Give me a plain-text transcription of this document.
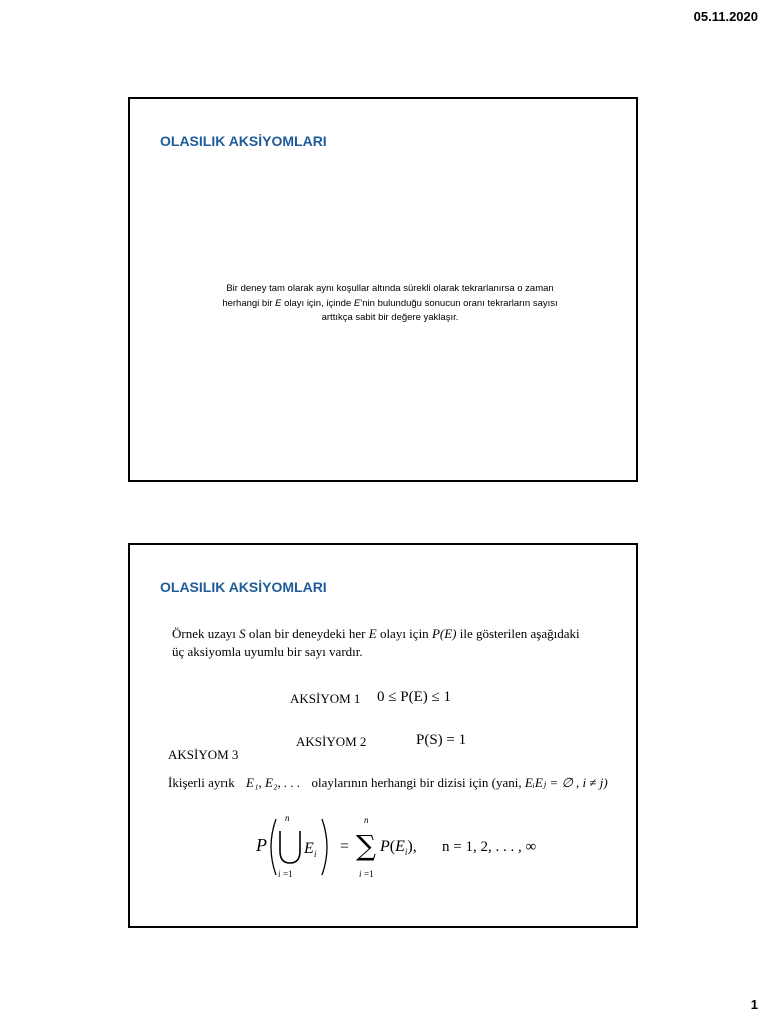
05.11.2020
OLASILIK AKSİYOMLARI
Bir deney tam olarak aynı koşullar altında sürekli olarak tekrarlanırsa o zaman
herhangi bir E olayı için, içinde E’nin bulunduğu sonucun oranı tekrarların sayısı
arttıkça sabit bir değere yaklaşır.
OLASILIK AKSİYOMLARI
Örnek uzayı S olan bir deneydeki her E olayı için P(E) ile gösterilen aşağıdaki
üç aksiyomla uyumlu bir sayı vardır.
AKSİYOM 1 0 ≤ P(E) ≤ 1
AKSİYOM 2	P(S) = 1
AKSİYOM 3
İkişerli ayrık E₁, E₂, . . . olaylarının herhangi bir dizisi için (yani, EᵢEⱼ = ∅ , i ≠ j)
P
n
i =1
E i =
n
∑
i =1
$P(E_i)$, n = 1, 2, . . . , ∞
1
